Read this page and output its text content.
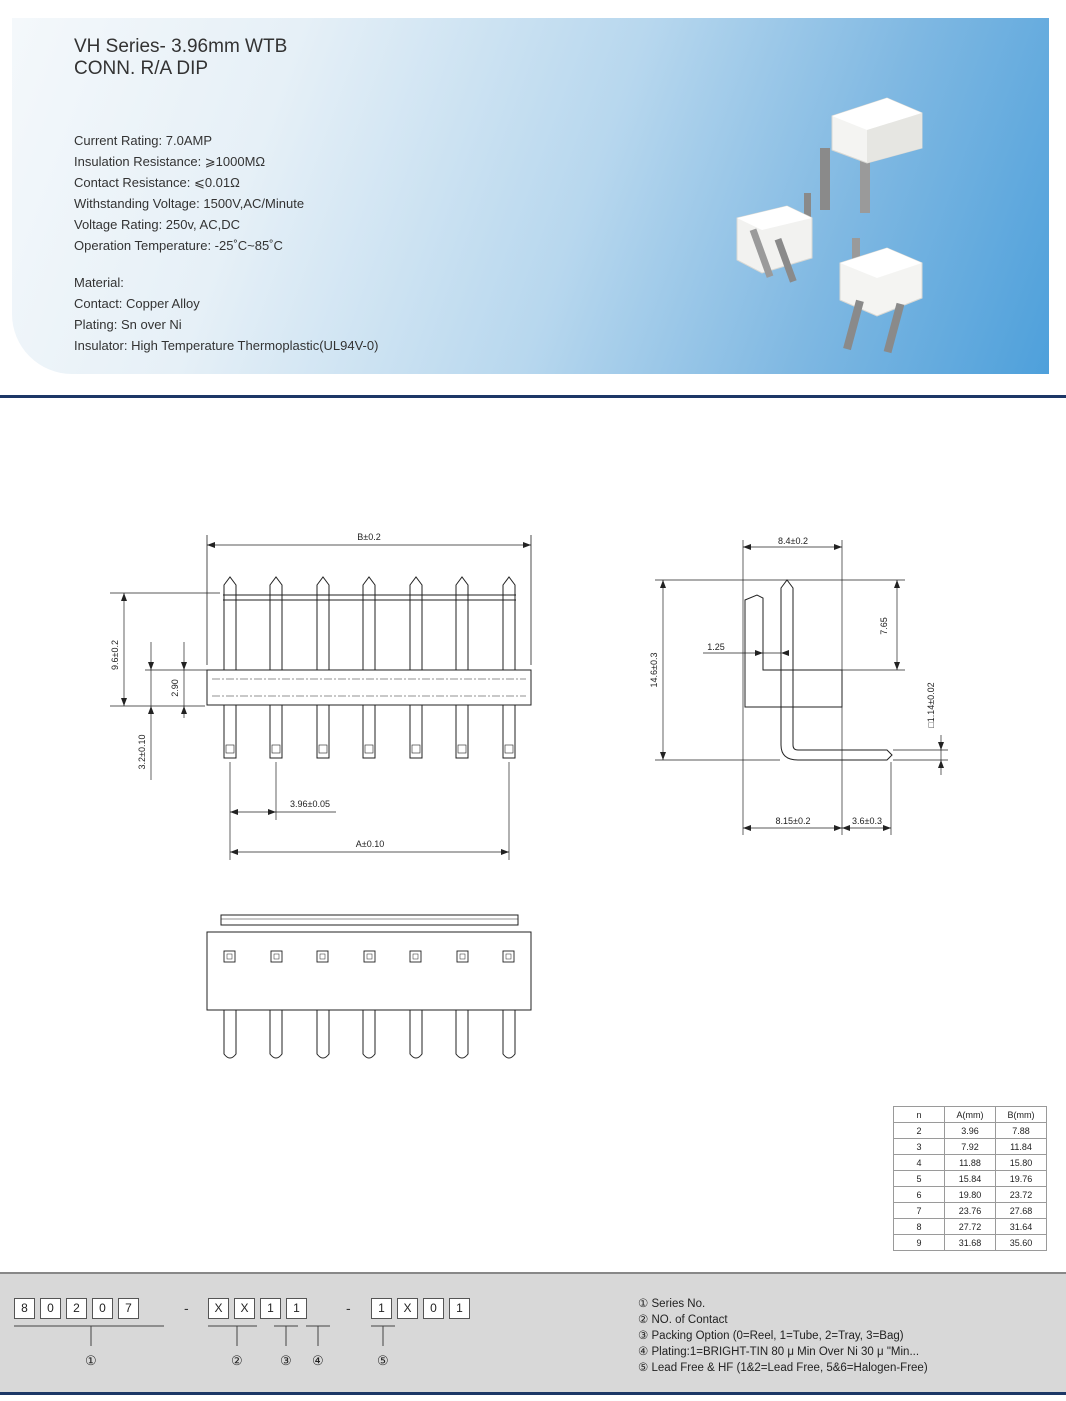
VH Series- 3.96mm WTB
CONN. R/A DIP
Current Rating: 7.0AMP
Insulation Resistance: ⩾1000MΩ
Contact Resistance: ⩽0.01Ω
Withstanding Voltage: 1500V,AC/Minute
Voltage Rating: 250v, AC,DC
Operation Temperature: -25˚C~85˚C
Material:
Contact: Copper Alloy
Plating: Sn over Ni
Insulator: High Temperature Thermoplastic(UL94V-0)
B±0.2
9.6±0.2
2.90
3.2±0.10
3.96±0.05
A±0.10
8.4±0.2
7.65
1.25
14.6±0.3
□1.14±0.02
8.15±0.2	3.6±0.3
n	A(mm)	B(mm)
2	3.96	7.88
3	7.92	11.84
4	11.88	15.80
5	15.84	19.76
6	19.80	23.72
7	23.76	27.68
8	27.72	31.64
9	31.68	35.60
8	0	2	0	7	-	X	X	1	1	-	1	X	0	1
①	②	③ ④	⑤
① Series No.
② NO. of Contact
③ Packing Option (0=Reel, 1=Tube, 2=Tray, 3=Bag)
④ Plating:1=BRIGHT-TIN 80 μ Min Over Ni 30 μ "Min...
⑤ Lead Free & HF (1&2=Lead Free, 5&6=Halogen-Free)
